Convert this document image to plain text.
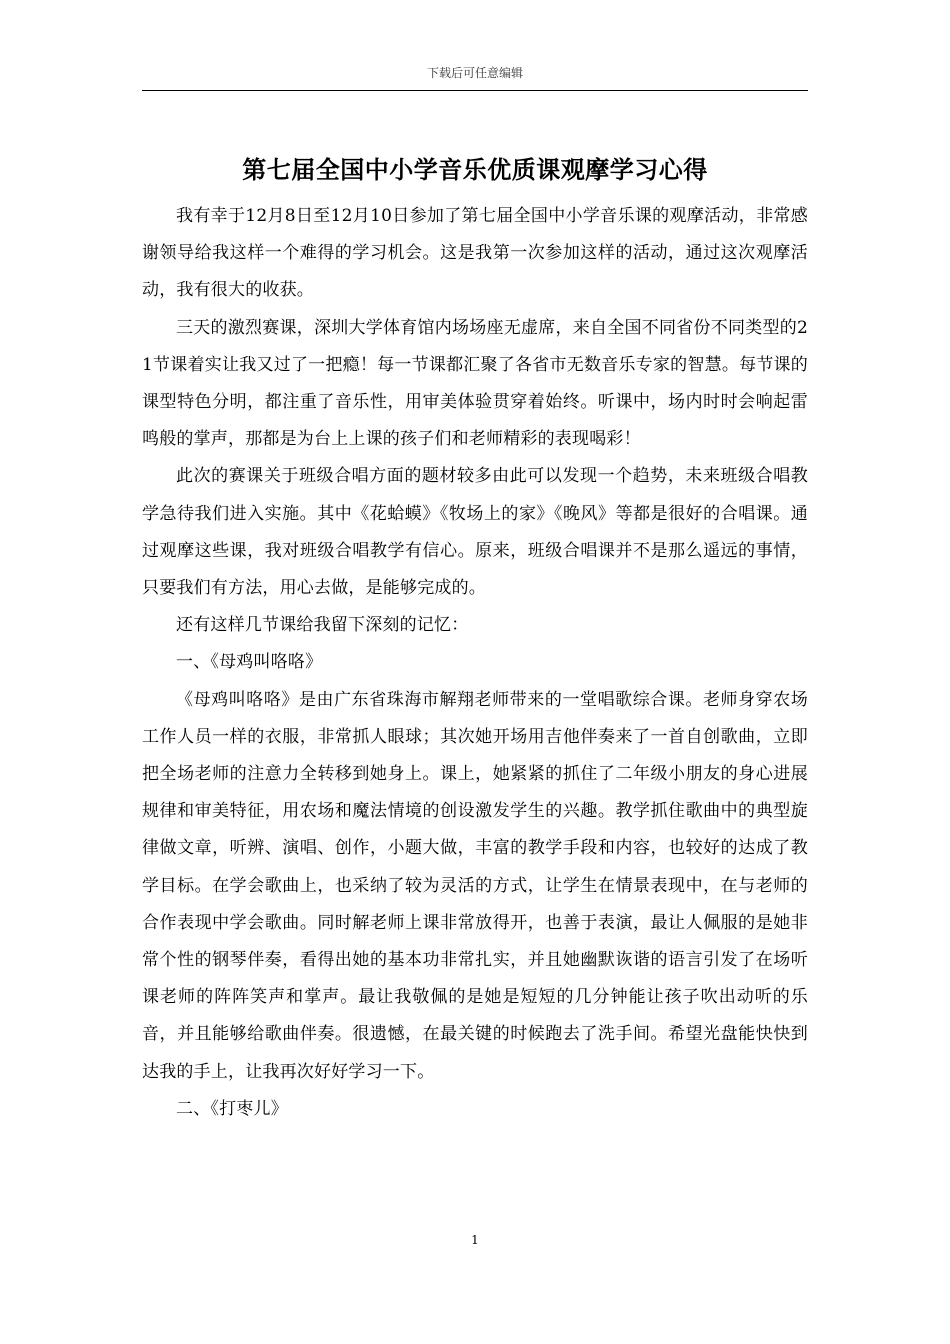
下载后可任意编辑
第七届全国中小学音乐优质课观摩学习心得

我有幸于12月8日至12月10日参加了第七届全国中小学音乐课的观摩活动，非常感谢领导给我这样一个难得的学习机会。这是我第一次参加这样的活动，通过这次观摩活动，我有很大的收获。

三天的激烈赛课，深圳大学体育馆内场场座无虚席，来自全国不同省份不同类型的21节课着实让我又过了一把瘾！每一节课都汇聚了各省市无数音乐专家的智慧。每节课的课型特色分明，都注重了音乐性，用审美体验贯穿着始终。听课中，场内时时会响起雷鸣般的掌声，那都是为台上上课的孩子们和老师精彩的表现喝彩！

此次的赛课关于班级合唱方面的题材较多由此可以发现一个趋势，未来班级合唱教学急待我们进入实施。其中《花蛤蟆》《牧场上的家》《晚风》等都是很好的合唱课。通过观摩这些课，我对班级合唱教学有信心。原来，班级合唱课并不是那么遥远的事情，只要我们有方法，用心去做，是能够完成的。

还有这样几节课给我留下深刻的记忆：

一、《母鸡叫咯咯》

《母鸡叫咯咯》是由广东省珠海市解翔老师带来的一堂唱歌综合课。老师身穿农场工作人员一样的衣服，非常抓人眼球；其次她开场用吉他伴奏来了一首自创歌曲，立即把全场老师的注意力全转移到她身上。课上，她紧紧的抓住了二年级小朋友的身心进展规律和审美特征，用农场和魔法情境的创设激发学生的兴趣。教学抓住歌曲中的典型旋律做文章，听辨、演唱、创作，小题大做，丰富的教学手段和内容，也较好的达成了教学目标。在学会歌曲上，也采纳了较为灵活的方式，让学生在情景表现中，在与老师的合作表现中学会歌曲。同时解老师上课非常放得开，也善于表演，最让人佩服的是她非常个性的钢琴伴奏，看得出她的基本功非常扎实，并且她幽默诙谐的语言引发了在场听课老师的阵阵笑声和掌声。最让我敬佩的是她是短短的几分钟能让孩子吹出动听的乐音，并且能够给歌曲伴奏。很遗憾，在最关键的时候跑去了洗手间。希望光盘能快快到达我的手上，让我再次好好学习一下。

二、《打枣儿》

1
